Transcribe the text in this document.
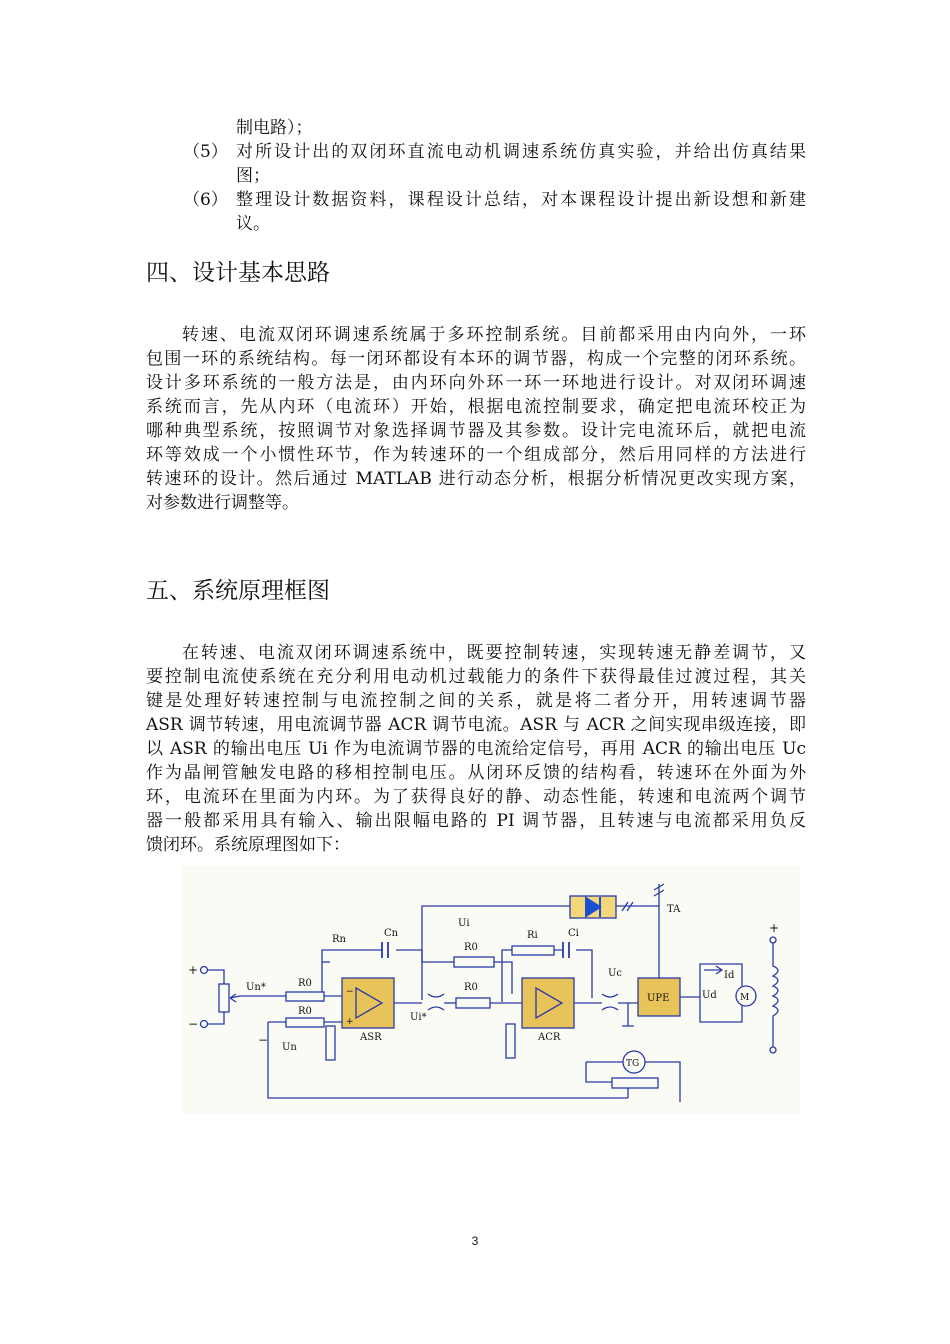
制电路）；
（5） 对所设计出的双闭环直流电动机调速系统仿真实验，并给出仿真结果
图；
（6） 整理设计数据资料，课程设计总结，对本课程设计提出新设想和新建
议。
四、设计基本思路
转速、电流双闭环调速系统属于多环控制系统。目前都采用由内向外，一环
包围一环的系统结构。每一闭环都设有本环的调节器，构成一个完整的闭环系统。
设计多环系统的一般方法是，由内环向外环一环一环地进行设计。对双闭环调速
系统而言，先从内环（电流环）开始，根据电流控制要求，确定把电流环校正为
哪种典型系统，按照调节对象选择调节器及其参数。设计完电流环后，就把电流
环等效成一个小惯性环节，作为转速环的一个组成部分，然后用同样的方法进行
转速环的设计。然后通过 MATLAB 进行动态分析，根据分析情况更改实现方案，
对参数进行调整等。
五、系统原理框图
在转速、电流双闭环调速系统中，既要控制转速，实现转速无静差调节，又
要控制电流使系统在充分利用电动机过载能力的条件下获得最佳过渡过程，其关
键是处理好转速控制与电流控制之间的关系，就是将二者分开，用转速调节器
ASR 调节转速，用电流调节器 ACR 调节电流。ASR 与 ACR 之间实现串级连接，即
以 ASR 的输出电压 Ui 作为电流调节器的电流给定信号，再用 ACR 的输出电压 Uc
作为晶闸管触发电路的移相控制电压。从闭环反馈的结构看，转速环在外面为外
环，电流环在里面为内环。为了获得良好的静、动态性能，转速和电流两个调节
器一般都采用具有输入、输出限幅电路的 PI 调节器，且转速与电流都采用负反
馈闭环。系统原理图如下：
TA
Ui
Cn
Rn
Ci
Ri
R0
+
−
Un*	R0
R0
Un
−
−
+
ASR
Ui*
R0
ACR
Uc
UPE
Id
Ud	M
+
TG
3
